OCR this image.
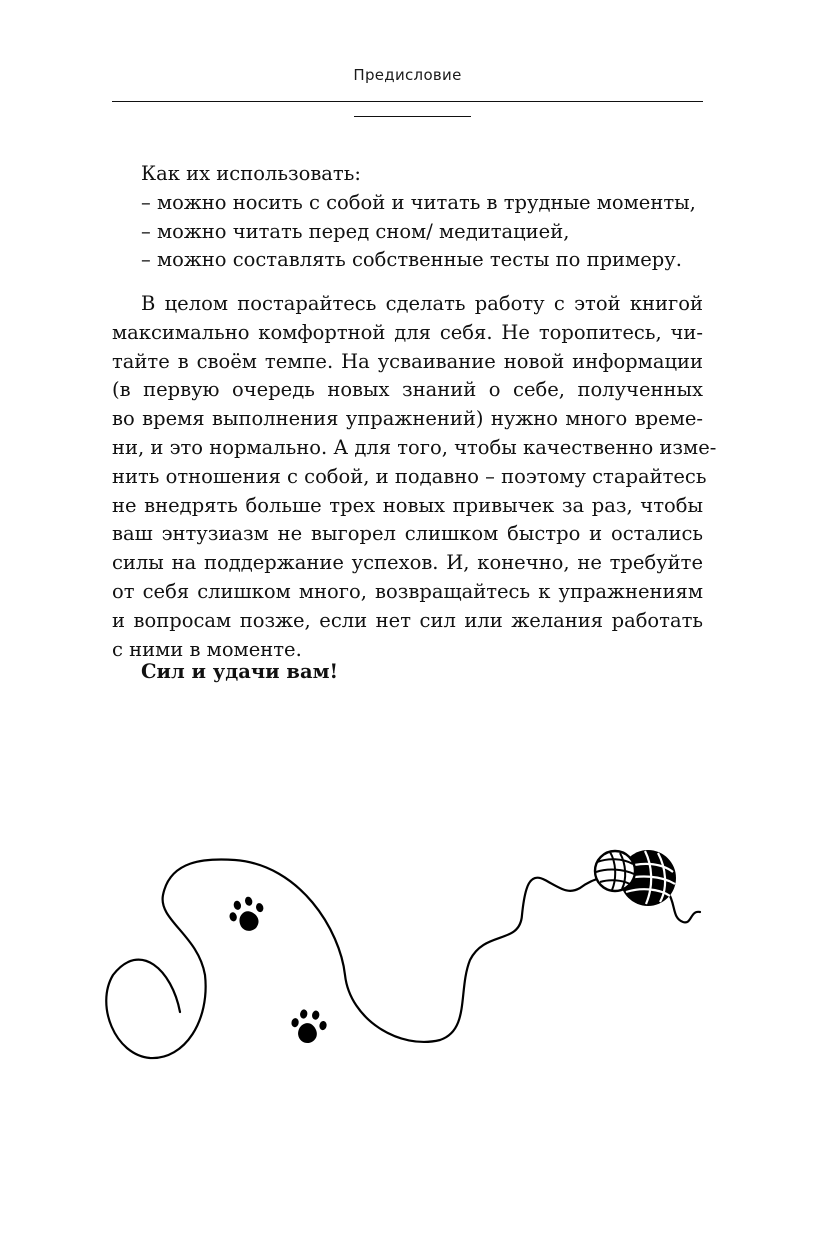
Предисловие
Как их использовать:
– можно носить с собой и читать в трудные моменты,
– можно читать перед сном/ медитацией,
– можно составлять собственные тесты по примеру.
В целом постарайтесь сделать работу с этой книгой
максимально комфортной для себя. Не торопитесь, чи-
тайте в своём темпе. На усваивание новой информации
(в первую очередь новых знаний о себе, полученных
во время выполнения упражнений) нужно много време-
ни, и это нормально. А для того, чтобы качественно изме-
нить отношения с собой, и подавно – поэтому старайтесь
не внедрять больше трех новых привычек за раз, чтобы
ваш энтузиазм не выгорел слишком быстро и остались
силы на поддержание успехов. И, конечно, не требуйте
от себя слишком много, возвращайтесь к упражнениям
и вопросам позже, если нет сил или желания работать
с ними в моменте.
Сил и удачи вам!
